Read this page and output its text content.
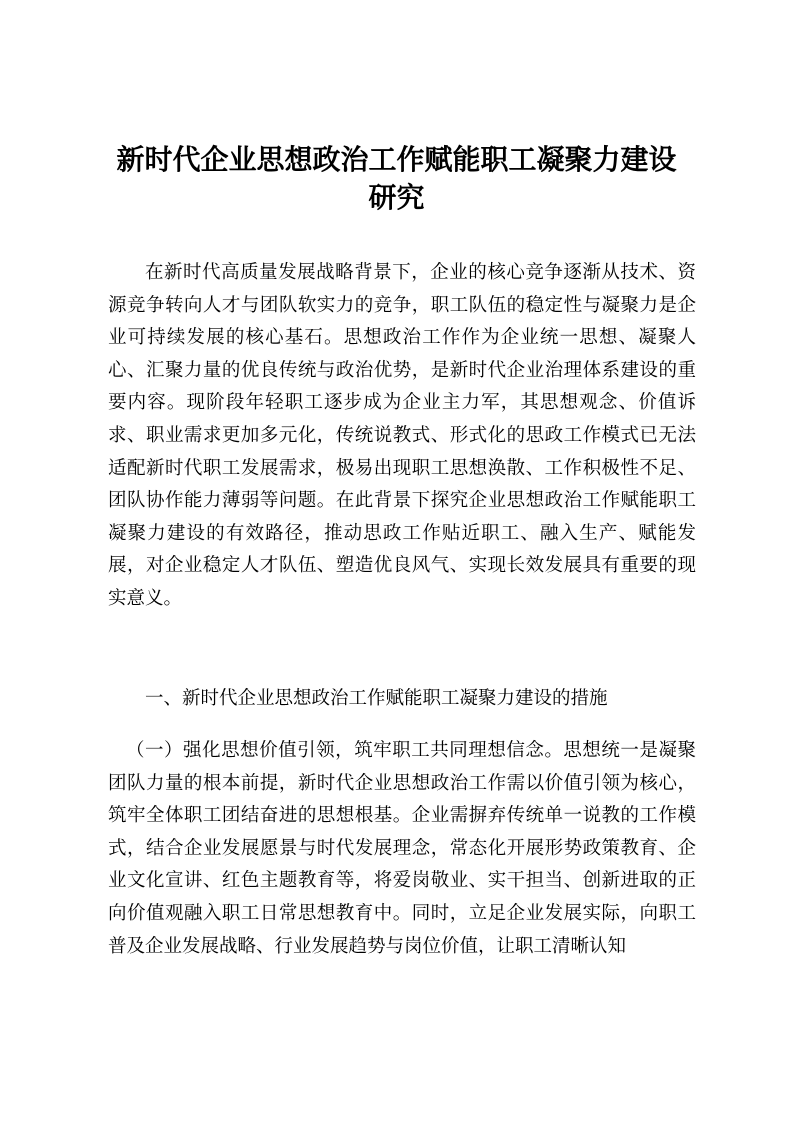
新时代企业思想政治工作赋能职工凝聚力建设
研究

在新时代高质量发展战略背景下，企业的核心竞争逐渐从技术、资源竞争转向人才与团队软实力的竞争，职工队伍的稳定性与凝聚力是企业可持续发展的核心基石。思想政治工作作为企业统一思想、凝聚人心、汇聚力量的优良传统与政治优势，是新时代企业治理体系建设的重要内容。现阶段年轻职工逐步成为企业主力军，其思想观念、价值诉求、职业需求更加多元化，传统说教式、形式化的思政工作模式已无法适配新时代职工发展需求，极易出现职工思想涣散、工作积极性不足、团队协作能力薄弱等问题。在此背景下探究企业思想政治工作赋能职工凝聚力建设的有效路径，推动思政工作贴近职工、融入生产、赋能发展，对企业稳定人才队伍、塑造优良风气、实现长效发展具有重要的现实意义。

一、新时代企业思想政治工作赋能职工凝聚力建设的措施

（一）强化思想价值引领，筑牢职工共同理想信念。思想统一是凝聚团队力量的根本前提，新时代企业思想政治工作需以价值引领为核心，筑牢全体职工团结奋进的思想根基。企业需摒弃传统单一说教的工作模式，结合企业发展愿景与时代发展理念，常态化开展形势政策教育、企业文化宣讲、红色主题教育等，将爱岗敬业、实干担当、创新进取的正向价值观融入职工日常思想教育中。同时，立足企业发展实际，向职工普及企业发展战略、行业发展趋势与岗位价值，让职工清晰认知
